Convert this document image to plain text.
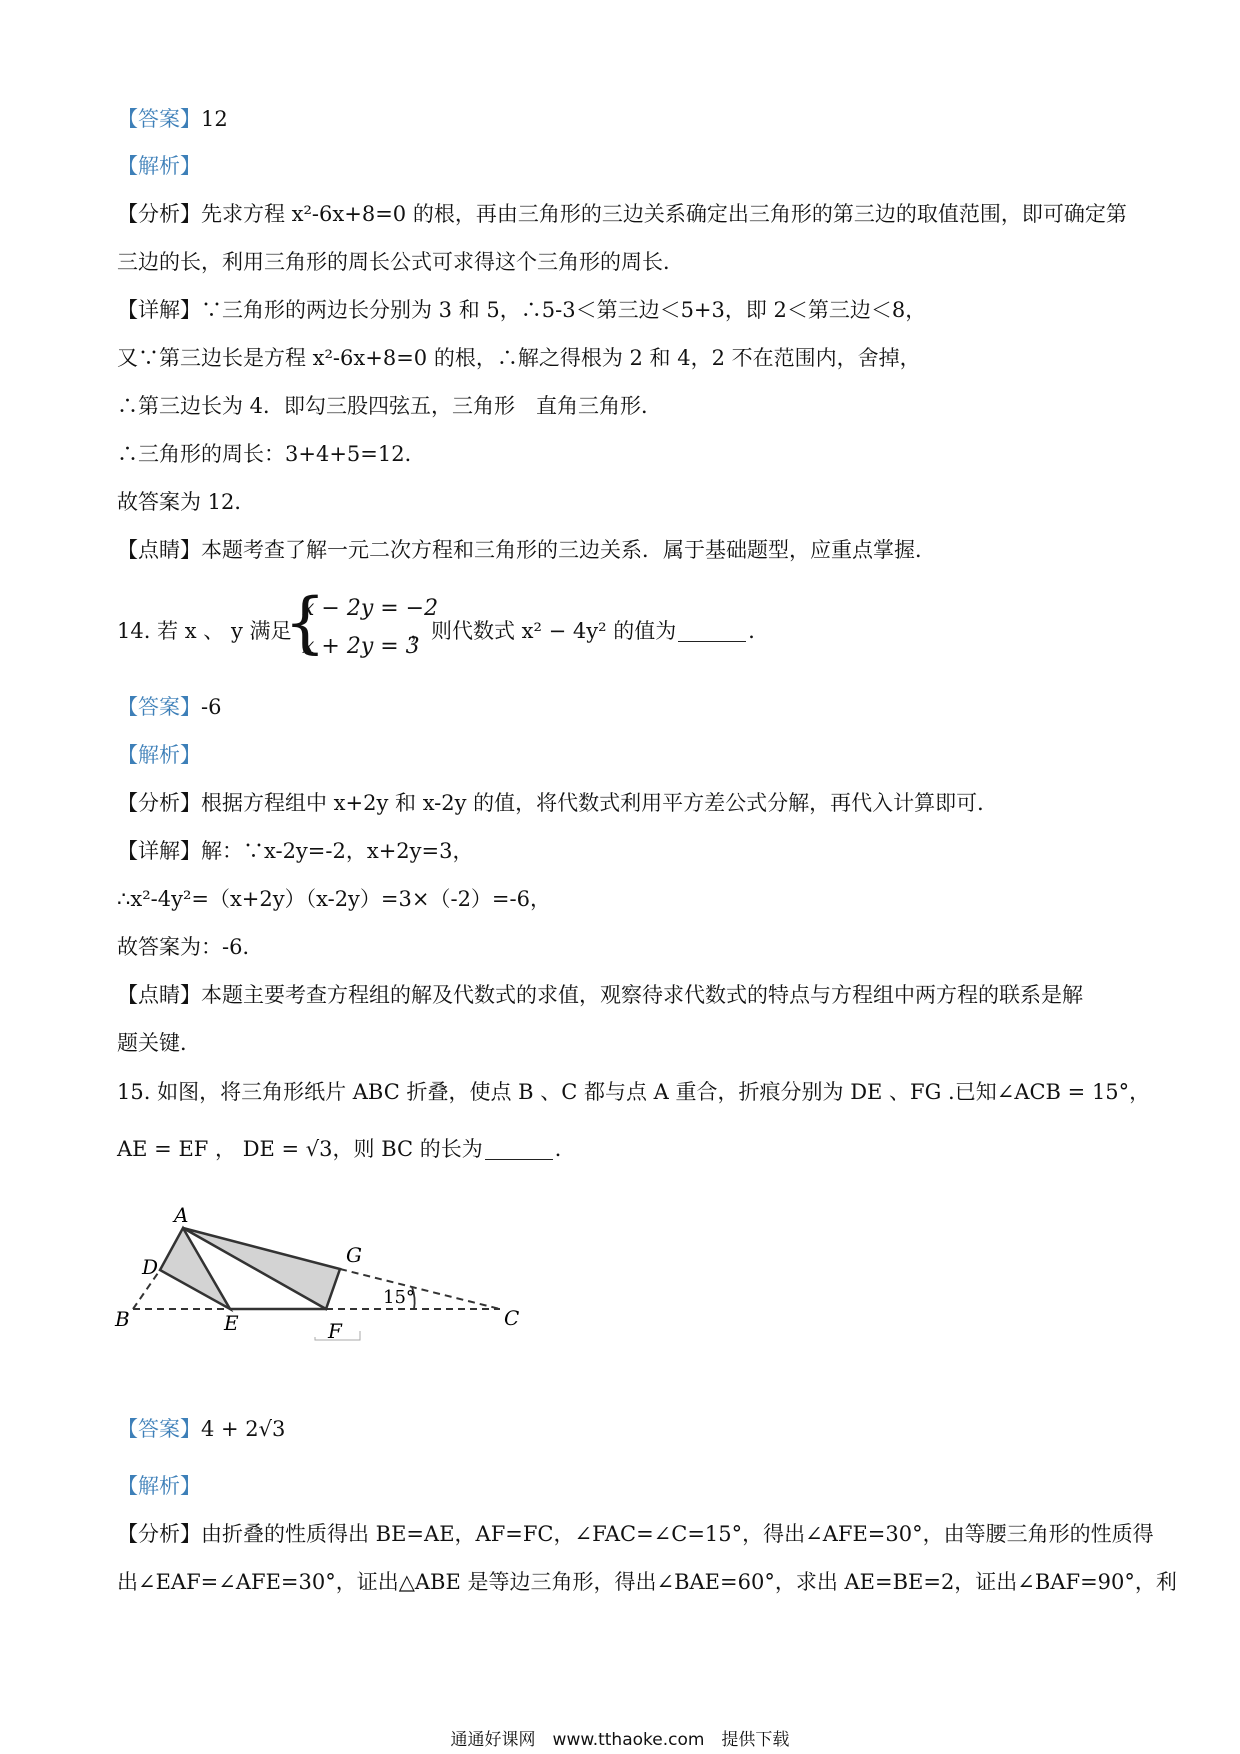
【答案】12
【解析】
【分析】先求方程 x²-6x+8=0 的根，再由三角形的三边关系确定出三角形的第三边的取值范围，即可确定第
三边的长，利用三角形的周长公式可求得这个三角形的周长．
【详解】∵三角形的两边长分别为 3 和 5，∴5-3＜第三边＜5+3，即 2＜第三边＜8，
又∵第三边长是方程 x²-6x+8=0 的根，∴解之得根为 2 和 4，2 不在范围内，舍掉，
∴第三边长为 4．即勾三股四弦五，三角形　直角三角形．
∴三角形的周长：3+4+5=12．
故答案为 12．
【点睛】本题考查了解一元二次方程和三角形的三边关系．属于基础题型，应重点掌握．
14. 若 x 、 y 满足
{
x − 2y = −2
x + 2y = 3
，则代数式 x² − 4y² 的值为	．
【答案】-6
【解析】
【分析】根据方程组中 x+2y 和 x-2y 的值，将代数式利用平方差公式分解，再代入计算即可．
【详解】解：∵x-2y=-2，x+2y=3，
∴x²-4y²=（x+2y）（x-2y）=3×（-2）=-6，
故答案为：-6．
【点睛】本题主要考查方程组的解及代数式的求值，观察待求代数式的特点与方程组中两方程的联系是解
题关键．
15. 如图，将三角形纸片 ABC 折叠，使点 B 、C 都与点 A 重合，折痕分别为 DE 、FG .已知∠ACB = 15°，
AE = EF ， DE = √3，则 BC 的长为	．
A
D
B	E	F
G
C
15°
【答案】4 + 2√3
【解析】
【分析】由折叠的性质得出 BE=AE，AF=FC，∠FAC=∠C=15°，得出∠AFE=30°，由等腰三角形的性质得
出∠EAF=∠AFE=30°，证出△ABE 是等边三角形，得出∠BAE=60°，求出 AE=BE=2，证出∠BAF=90°，利
通通好课网　www.tthaoke.com　提供下载
